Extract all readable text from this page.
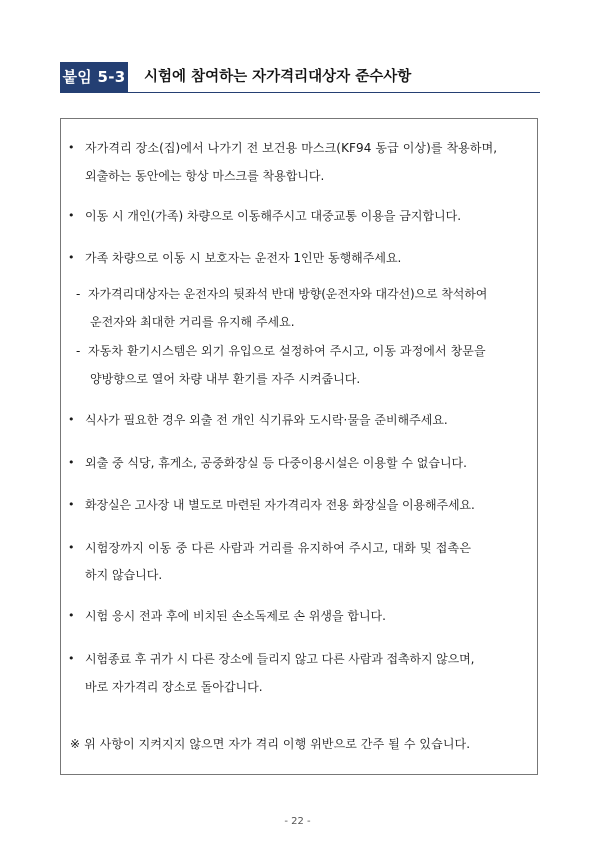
붙임 5-3 시험에 참여하는 자가격리대상자 준수사항
• 자가격리 장소(집)에서 나가기 전 보건용 마스크(KF94 동급 이상)를 착용하며,
외출하는 동안에는 항상 마스크를 착용합니다.
• 이동 시 개인(가족) 차량으로 이동해주시고 대중교통 이용을 금지합니다.
• 가족 차량으로 이동 시 보호자는 운전자 1인만 동행해주세요.
- 자가격리대상자는 운전자의 뒷좌석 반대 방향(운전자와 대각선)으로 착석하여
운전자와 최대한 거리를 유지해 주세요.
- 자동차 환기시스템은 외기 유입으로 설정하여 주시고, 이동 과정에서 창문을
양방향으로 열어 차량 내부 환기를 자주 시켜줍니다.
• 식사가 필요한 경우 외출 전 개인 식기류와 도시락·물을 준비해주세요.
• 외출 중 식당, 휴게소, 공중화장실 등 다중이용시설은 이용할 수 없습니다.
• 화장실은 고사장 내 별도로 마련된 자가격리자 전용 화장실을 이용해주세요.
• 시험장까지 이동 중 다른 사람과 거리를 유지하여 주시고, 대화 및 접촉은
하지 않습니다.
• 시험 응시 전과 후에 비치된 손소독제로 손 위생을 합니다.
• 시험종료 후 귀가 시 다른 장소에 들리지 않고 다른 사람과 접촉하지 않으며,
바로 자가격리 장소로 돌아갑니다.
※ 위 사항이 지켜지지 않으면 자가 격리 이행 위반으로 간주 될 수 있습니다.
- 22 -
